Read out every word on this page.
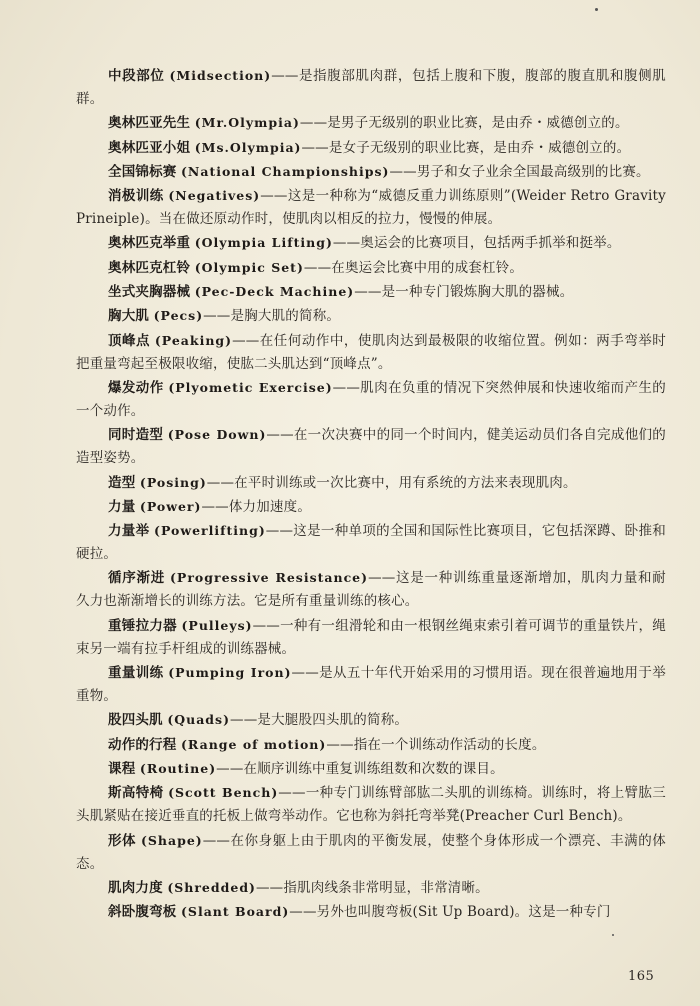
中段部位 (Midsection)——是指腹部肌肉群，包括上腹和下腹，腹部的腹直肌和腹侧肌群。

奥林匹亚先生 (Mr.Olympia)——是男子无级别的职业比赛，是由乔・威德创立的。

奥林匹亚小姐 (Ms.Olympia)——是女子无级别的职业比赛，是由乔・威德创立的。

全国锦标赛 (National Championships)——男子和女子业余全国最高级别的比赛。

消极训练 (Negatives)——这是一种称为“威德反重力训练原则”(Weider Retro Gravity Prineiple)。当在做还原动作时，使肌肉以相反的拉力，慢慢的伸展。

奥林匹克举重 (Olympia Lifting)——奥运会的比赛项目，包括两手抓举和挺举。

奥林匹克杠铃 (Olympic Set)——在奥运会比赛中用的成套杠铃。

坐式夹胸器械 (Pec-Deck Machine)——是一种专门锻炼胸大肌的器械。

胸大肌 (Pecs)——是胸大肌的简称。

顶峰点 (Peaking)——在任何动作中，使肌肉达到最极限的收缩位置。例如：两手弯举时把重量弯起至极限收缩，使肱二头肌达到“顶峰点”。

爆发动作 (Plyometic Exercise)——肌肉在负重的情况下突然伸展和快速收缩而产生的一个动作。

同时造型 (Pose Down)——在一次决赛中的同一个时间内，健美运动员们各自完成他们的造型姿势。

造型 (Posing)——在平时训练或一次比赛中，用有系统的方法来表现肌肉。

力量 (Power)——体力加速度。

力量举 (Powerlifting)——这是一种单项的全国和国际性比赛项目，它包括深蹲、卧推和硬拉。

循序渐进 (Progressive Resistance)——这是一种训练重量逐渐增加，肌肉力量和耐久力也渐渐增长的训练方法。它是所有重量训练的核心。

重锤拉力器 (Pulleys)——一种有一组滑轮和由一根钢丝绳束索引着可调节的重量铁片，绳束另一端有拉手杆组成的训练器械。

重量训练 (Pumping Iron)——是从五十年代开始采用的习惯用语。现在很普遍地用于举重物。

股四头肌 (Quads)——是大腿股四头肌的简称。

动作的行程 (Range of motion)——指在一个训练动作活动的长度。

课程 (Routine)——在顺序训练中重复训练组数和次数的课目。

斯高特椅 (Scott Bench)——一种专门训练臂部肱二头肌的训练椅。训练时，将上臂肱三头肌紧贴在接近垂直的托板上做弯举动作。它也称为斜托弯举凳(Preacher Curl Bench)。

形体 (Shape)——在你身躯上由于肌肉的平衡发展，使整个身体形成一个漂亮、丰满的体态。

肌肉力度 (Shredded)——指肌肉线条非常明显，非常清晰。

斜卧腹弯板 (Slant Board)——另外也叫腹弯板(Sit Up Board)。这是一种专门

165
